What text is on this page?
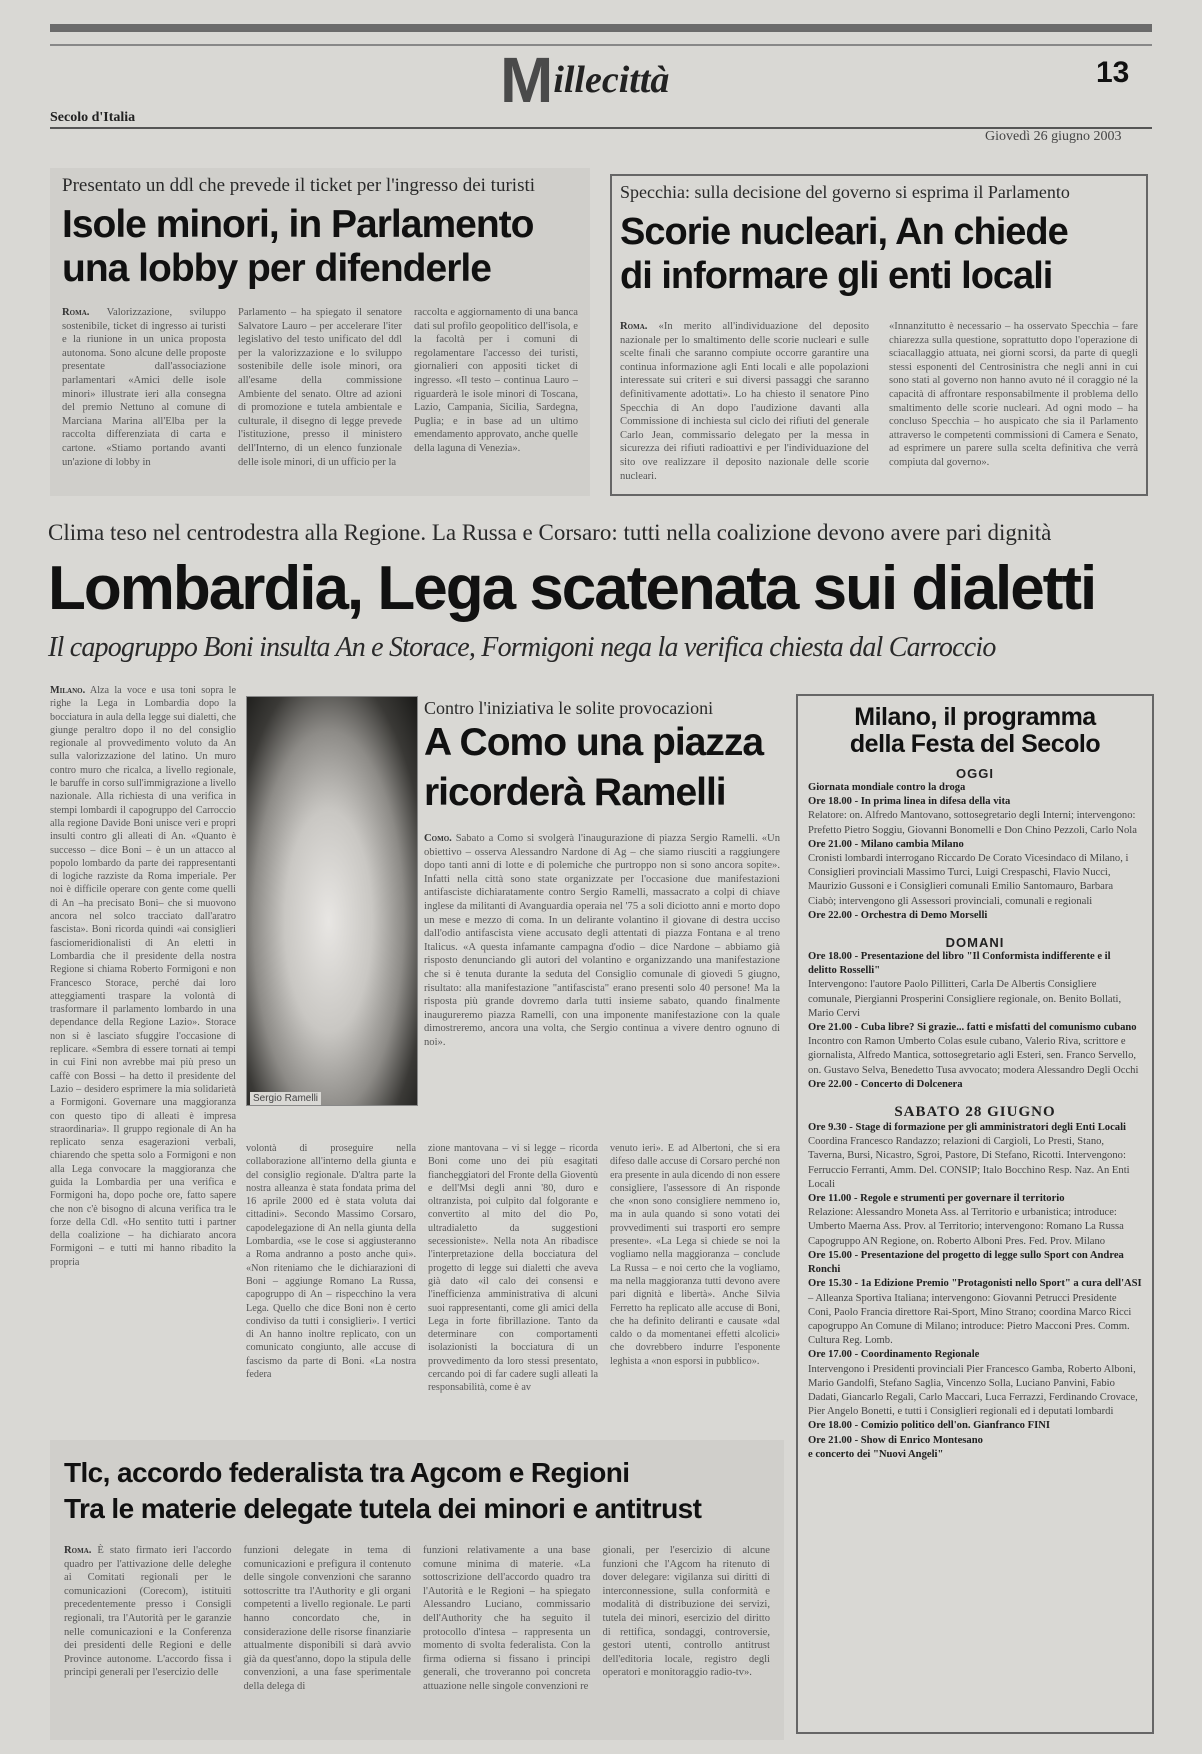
Millecittà	13
Secolo d'Italia
Giovedì 26 giugno 2003
Presentato un ddl che prevede il ticket per l'ingresso dei turisti
Isole minori, in Parlamento
una lobby per difenderle
Roma. Valorizzazione, sviluppo sostenibile, ticket di ingresso ai turisti e la riunione in un unica proposta autonoma. Sono alcune delle proposte presentate dall'associazione parlamentari «Amici delle isole minori» illustrate ieri alla consegna del premio Nettuno al comune di Marciana Marina all'Elba per la raccolta differenziata di carta e cartone. «Stiamo portando avanti un'azione di lobby in
Parlamento – ha spiegato il senatore Salvatore Lauro – per accelerare l'iter legislativo del testo unificato del ddl per la valorizzazione e lo sviluppo sostenibile delle isole minori, ora all'esame della commissione Ambiente del senato. Oltre ad azioni di promozione e tutela ambientale e culturale, il disegno di legge prevede l'istituzione, presso il ministero dell'Interno, di un elenco funzionale delle isole minori, di un ufficio per la
raccolta e aggiornamento di una banca dati sul profilo geopolitico dell'isola, e la facoltà per i comuni di regolamentare l'accesso dei turisti, giornalieri con appositi ticket di ingresso. «Il testo – continua Lauro – riguarderà le isole minori di Toscana, Lazio, Campania, Sicilia, Sardegna, Puglia; e in base ad un ultimo emendamento approvato, anche quelle della laguna di Venezia».
Specchia: sulla decisione del governo si esprima il Parlamento
Scorie nucleari, An chiede
di informare gli enti locali
Roma. «In merito all'individuazione del deposito nazionale per lo smaltimento delle scorie nucleari e sulle scelte finali che saranno compiute occorre garantire una continua informazione agli Enti locali e alle popolazioni interessate sui criteri e sui diversi passaggi che saranno definitivamente adottati». Lo ha chiesto il senatore Pino Specchia di An dopo l'audizione davanti alla Commissione di inchiesta sul ciclo dei rifiuti del generale Carlo Jean, commissario delegato per la messa in sicurezza dei rifiuti radioattivi e per l'individuazione del sito ove realizzare il deposito nazionale delle scorie nucleari.
«Innanzitutto è necessario – ha osservato Specchia – fare chiarezza sulla questione, soprattutto dopo l'operazione di sciacallaggio attuata, nei giorni scorsi, da parte di quegli stessi esponenti del Centrosinistra che negli anni in cui sono stati al governo non hanno avuto né il coraggio né la capacità di affrontare responsabilmente il problema dello smaltimento delle scorie nucleari. Ad ogni modo – ha concluso Specchia – ho auspicato che sia il Parlamento attraverso le competenti commissioni di Camera e Senato, ad esprimere un parere sulla scelta definitiva che verrà compiuta dal governo».
Clima teso nel centrodestra alla Regione. La Russa e Corsaro: tutti nella coalizione devono avere pari dignità
Lombardia, Lega scatenata sui dialetti
Il capogruppo Boni insulta An e Storace, Formigoni nega la verifica chiesta dal Carroccio
Milano. Alza la voce e usa toni sopra le righe la Lega in Lombardia dopo la bocciatura in aula della legge sui dialetti, che giunge peraltro dopo il no del consiglio regionale al provvedimento voluto da An sulla valorizzazione del latino. Un muro contro muro che ricalca, a livello regionale, le baruffe in corso sull'immigrazione a livello nazionale. Alla richiesta di una verifica in stempi lombardi il capogruppo del Carroccio alla regione Davide Boni unisce veri e propri insulti contro gli alleati di An. «Quanto è successo – dice Boni – è un un attacco al popolo lombardo da parte dei rappresentanti di logiche razziste da Roma imperiale. Per noi è difficile operare con gente come quelli di An –ha precisato Boni– che si muovono ancora nel solco tracciato dall'aratro fascista». Boni ricorda quindi «ai consiglieri fasciomeridionalisti di An eletti in Lombardia che il presidente della nostra Regione si chiama Roberto Formigoni e non Francesco Storace, perché dai loro atteggiamenti traspare la volontà di trasformare il parlamento lombardo in una dependance della Regione Lazio». Storace non si è lasciato sfuggire l'occasione di replicare. «Sembra di essere tornati ai tempi in cui Fini non avrebbe mai più preso un caffè con Bossi – ha detto il presidente del Lazio – desidero esprimere la mia solidarietà a Formigoni. Governare una maggioranza con questo tipo di alleati è impresa straordinaria». Il gruppo regionale di An ha replicato senza esagerazioni verbali, chiarendo che spetta solo a Formigoni e non alla Lega convocare la maggioranza che guida la Lombardia per una verifica e Formigoni ha, dopo poche ore, fatto sapere che non c'è bisogno di alcuna verifica tra le forze della Cdl. «Ho sentito tutti i partner della coalizione – ha dichiarato ancora Formigoni – e tutti mi hanno ribadito la propria
Sergio Ramelli
Contro l'iniziativa le solite provocazioni
A Como una piazza
ricorderà Ramelli
Como. Sabato a Como si svolgerà l'inaugurazione di piazza Sergio Ramelli. «Un obiettivo – osserva Alessandro Nardone di Ag – che siamo riusciti a raggiungere dopo tanti anni di lotte e di polemiche che purtroppo non si sono ancora sopite». Infatti nella città sono state organizzate per l'occasione due manifestazioni antifasciste dichiaratamente contro Sergio Ramelli, massacrato a colpi di chiave inglese da militanti di Avanguardia operaia nel '75 a soli diciotto anni e morto dopo un mese e mezzo di coma. In un delirante volantino il giovane di destra ucciso dall'odio antifascista viene accusato degli attentati di piazza Fontana e al treno Italicus. «A questa infamante campagna d'odio – dice Nardone – abbiamo già risposto denunciando gli autori del volantino e organizzando una manifestazione che si è tenuta durante la seduta del Consiglio comunale di giovedì 5 giugno, risultato: alla manifestazione "antifascista" erano presenti solo 40 persone! Ma la risposta più grande dovremo darla tutti insieme sabato, quando finalmente inaugureremo piazza Ramelli, con una imponente manifestazione con la quale dimostreremo, ancora una volta, che Sergio continua a vivere dentro ognuno di noi».
volontà di proseguire nella collaborazione all'interno della giunta e del consiglio regionale. D'altra parte la nostra alleanza è stata fondata prima del 16 aprile 2000 ed è stata voluta dai cittadini». Secondo Massimo Corsaro, capodelegazione di An nella giunta della Lombardia, «se le cose si aggiusteranno a Roma andranno a posto anche qui». «Non riteniamo che le dichiarazioni di Boni – aggiunge Romano La Russa, capogruppo di An – rispecchino la vera Lega. Quello che dice Boni non è certo condiviso da tutti i consiglieri». I vertici di An hanno inoltre replicato, con un comunicato congiunto, alle accuse di fascismo da parte di Boni. «La nostra federa
zione mantovana – vi si legge – ricorda Boni come uno dei più esagitati fiancheggiatori del Fronte della Gioventù e dell'Msi degli anni '80, duro e oltranzista, poi culpito dal folgorante e convertito al mito del dio Po, ultradialetto da suggestioni secessioniste». Nella nota An ribadisce l'interpretazione della bocciatura del progetto di legge sui dialetti che aveva già dato «il calo dei consensi e l'inefficienza amministrativa di alcuni suoi rappresentanti, come gli amici della Lega in forte fibrillazione. Tanto da determinare con comportamenti isolazionisti la bocciatura di un provvedimento da loro stessi presentato, cercando poi di far cadere sugli alleati la responsabilità, come è av
venuto ieri». E ad Albertoni, che si era difeso dalle accuse di Corsaro perché non era presente in aula dicendo di non essere consigliere, l'assessore di An risponde che «non sono consigliere nemmeno io, ma in aula quando si sono votati dei provvedimenti sui trasporti ero sempre presente». «La Lega si chiede se noi la vogliamo nella maggioranza – conclude La Russa – e noi certo che la vogliamo, ma nella maggioranza tutti devono avere pari dignità e libertà». Anche Silvia Ferretto ha replicato alle accuse di Boni, che ha definito deliranti e causate «dal caldo o da momentanei effetti alcolici» che dovrebbero indurre l'esponente leghista a «non esporsi in pubblico».
Milano, il programma
della Festa del Secolo
OGGI
Giornata mondiale contro la droga
Ore 18.00 - In prima linea in difesa della vita
Relatore: on. Alfredo Mantovano, sottosegretario degli Interni; intervengono: Prefetto Pietro Soggiu, Giovanni Bonomelli e Don Chino Pezzoli, Carlo Nola
Ore 21.00 - Milano cambia Milano
Cronisti lombardi interrogano Riccardo De Corato Vicesindaco di Milano, i Consiglieri provinciali Massimo Turci, Luigi Crespaschi, Flavio Nucci, Maurizio Gussoni e i Consiglieri comunali Emilio Santomauro, Barbara Ciabò; intervengono gli Assessori provinciali, comunali e regionali
Ore 22.00 - Orchestra di Demo Morselli
DOMANI
Ore 18.00 - Presentazione del libro "Il Conformista indifferente e il delitto Rosselli"
Intervengono: l'autore Paolo Pillitteri, Carla De Albertis Consigliere comunale, Piergianni Prosperini Consigliere regionale, on. Benito Bollati, Mario Cervi
Ore 21.00 - Cuba libre? Si grazie... fatti e misfatti del comunismo cubano
Incontro con Ramon Umberto Colas esule cubano, Valerio Riva, scrittore e giornalista, Alfredo Mantica, sottosegretario agli Esteri, sen. Franco Servello, on. Gustavo Selva, Benedetto Tusa avvocato; modera Alessandro Degli Occhi
Ore 22.00 - Concerto di Dolcenera
SABATO 28 GIUGNO
Ore 9.30 - Stage di formazione per gli amministratori degli Enti Locali
Coordina Francesco Randazzo; relazioni di Cargioli, Lo Presti, Stano, Taverna, Bursi, Nicastro, Sgroi, Pastore, Di Stefano, Ricotti. Intervengono: Ferruccio Ferranti, Amm. Del. CONSIP; Italo Bocchino Resp. Naz. An Enti Locali
Ore 11.00 - Regole e strumenti per governare il territorio
Relazione: Alessandro Moneta Ass. al Territorio e urbanistica; introduce: Umberto Maerna Ass. Prov. al Territorio; intervengono: Romano La Russa Capogruppo AN Regione, on. Roberto Alboni Pres. Fed. Prov. Milano
Ore 15.00 - Presentazione del progetto di legge sullo Sport con Andrea Ronchi
Ore 15.30 - 1a Edizione Premio "Protagonisti nello Sport" a cura dell'ASI – Alleanza Sportiva Italiana; intervengono: Giovanni Petrucci Presidente Coni, Paolo Francia direttore Rai-Sport, Mino Strano; coordina Marco Ricci capogruppo An Comune di Milano; introduce: Pietro Macconi Pres. Comm. Cultura Reg. Lomb.
Ore 17.00 - Coordinamento Regionale
Intervengono i Presidenti provinciali Pier Francesco Gamba, Roberto Alboni, Mario Gandolfi, Stefano Saglia, Vincenzo Solla, Luciano Panvini, Fabio Dadati, Giancarlo Regali, Carlo Maccari, Luca Ferrazzi, Ferdinando Crovace, Pier Angelo Bonetti, e tutti i Consiglieri regionali ed i deputati lombardi
Ore 18.00 - Comizio politico dell'on. Gianfranco FINI
Ore 21.00 - Show di Enrico Montesano
e concerto dei "Nuovi Angeli"
Tlc, accordo federalista tra Agcom e Regioni
Tra le materie delegate tutela dei minori e antitrust
Roma. È stato firmato ieri l'accordo quadro per l'attivazione delle deleghe ai Comitati regionali per le comunicazioni (Corecom), istituiti precedentemente presso i Consigli regionali, tra l'Autorità per le garanzie nelle comunicazioni e la Conferenza dei presidenti delle Regioni e delle Province autonome. L'accordo fissa i principi generali per l'esercizio delle
funzioni delegate in tema di comunicazioni e prefigura il contenuto delle singole convenzioni che saranno sottoscritte tra l'Authority e gli organi competenti a livello regionale. Le parti hanno concordato che, in considerazione delle risorse finanziarie attualmente disponibili si darà avvio già da quest'anno, dopo la stipula delle convenzioni, a una fase sperimentale della delega di
funzioni relativamente a una base comune minima di materie. «La sottoscrizione dell'accordo quadro tra l'Autorità e le Regioni – ha spiegato Alessandro Luciano, commissario dell'Authority che ha seguito il protocollo d'intesa – rappresenta un momento di svolta federalista. Con la firma odierna si fissano i principi generali, che troveranno poi concreta attuazione nelle singole convenzioni re
gionali, per l'esercizio di alcune funzioni che l'Agcom ha ritenuto di dover delegare: vigilanza sui diritti di interconnessione, sulla conformità e modalità di distribuzione dei servizi, tutela dei minori, esercizio del diritto di rettifica, sondaggi, controversie, gestori utenti, controllo antitrust dell'editoria locale, registro degli operatori e monitoraggio radio-tv».
